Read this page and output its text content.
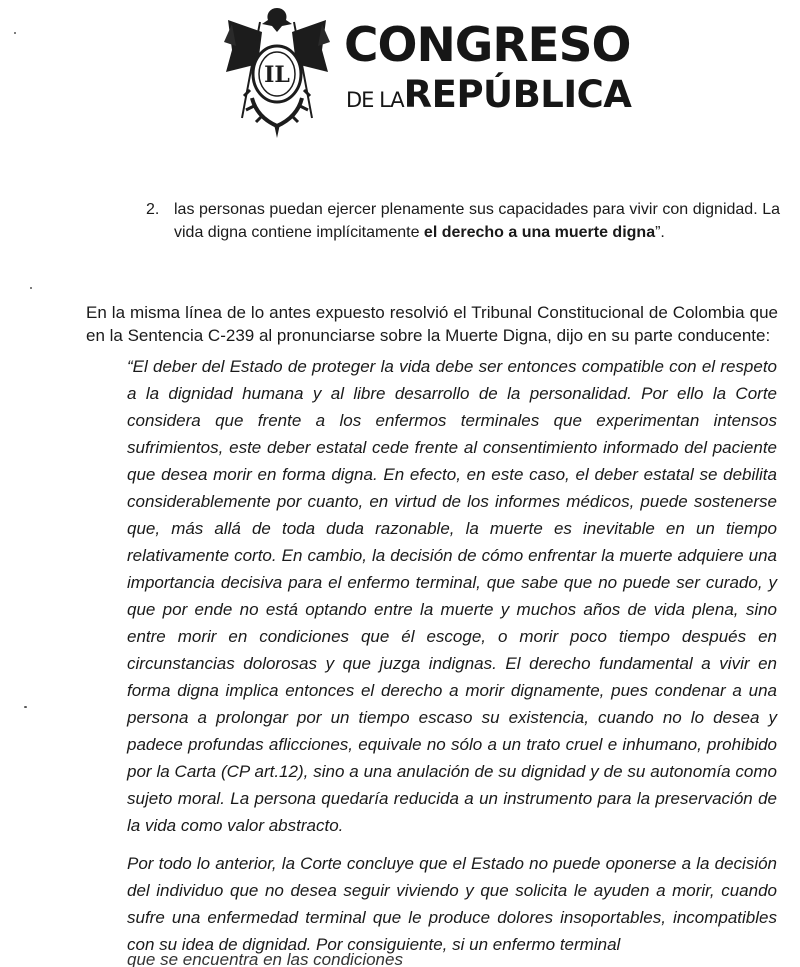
IL
CONGRESO
DE LAREPÚBLICA
2. las personas puedan ejercer plenamente sus capacidades para vivir con dignidad. La vida digna contiene implícitamente el derecho a una muerte digna”.
En la misma línea de lo antes expuesto resolvió el Tribunal Constitucional de Colombia que en la Sentencia C-239 al pronunciarse sobre la Muerte Digna, dijo en su parte conducente:
“El deber del Estado de proteger la vida debe ser entonces compatible con el respeto a la dignidad humana y al libre desarrollo de la personalidad. Por ello la Corte considera que frente a los enfermos terminales que experimentan intensos sufrimientos, este deber estatal cede frente al consentimiento informado del paciente que desea morir en forma digna. En efecto, en este caso, el deber estatal se debilita considerablemente por cuanto, en virtud de los informes médicos, puede sostenerse que, más allá de toda duda razonable, la muerte es inevitable en un tiempo relativamente corto. En cambio, la decisión de cómo enfrentar la muerte adquiere una importancia decisiva para el enfermo terminal, que sabe que no puede ser curado, y que por ende no está optando entre la muerte y muchos años de vida plena, sino entre morir en condiciones que él escoge, o morir poco tiempo después en circunstancias dolorosas y que juzga indignas. El derecho fundamental a vivir en forma digna implica entonces el derecho a morir dignamente, pues condenar a una persona a prolongar por un tiempo escaso su existencia, cuando no lo desea y padece profundas aflicciones, equivale no sólo a un trato cruel e inhumano, prohibido por la Carta (CP art.12), sino a una anulación de su dignidad y de su autonomía como sujeto moral. La persona quedaría reducida a un instrumento para la preservación de la vida como valor abstracto.
Por todo lo anterior, la Corte concluye que el Estado no puede oponerse a la decisión del individuo que no desea seguir viviendo y que solicita le ayuden a morir, cuando sufre una enfermedad terminal que le produce dolores insoportables, incompatibles con su idea de dignidad. Por consiguiente, si un enfermo terminal
que se encuentra en las condiciones
